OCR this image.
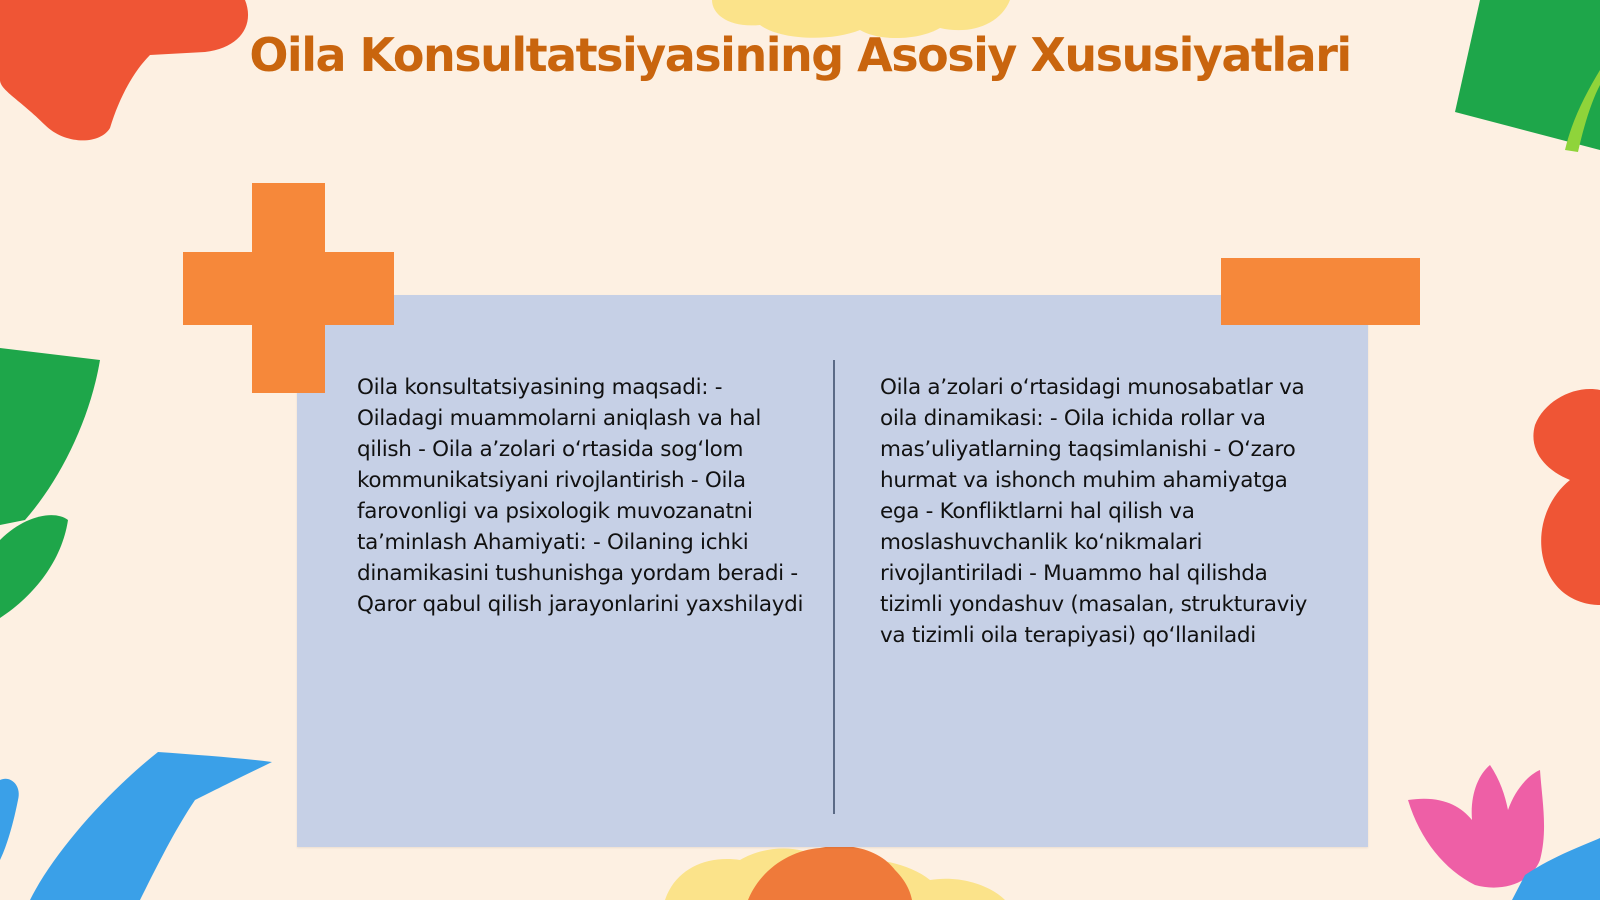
Oila Konsultatsiyasining Asosiy Xususiyatlari
Oila konsultatsiyasining maqsadi: - Oiladagi muammolarni aniqlash va hal qilish - Oila a’zolari oʻrtasida sogʻlom kommunikatsiyani rivojlantirish - Oila farovonligi va psixologik muvozanatni ta’minlash Ahamiyati: - Oilaning ichki dinamikasini tushunishga yordam beradi - Qaror qabul qilish jarayonlarini yaxshilaydi
Oila a’zolari oʻrtasidagi munosabatlar va oila dinamikasi: - Oila ichida rollar va mas’uliyatlarning taqsimlanishi - Oʻzaro hurmat va ishonch muhim ahamiyatga ega - Konfliktlarni hal qilish va moslashuvchanlik koʻnikmalari rivojlantiriladi - Muammo hal qilishda tizimli yondashuv (masalan, strukturaviy va tizimli oila terapiyasi) qoʻllaniladi
